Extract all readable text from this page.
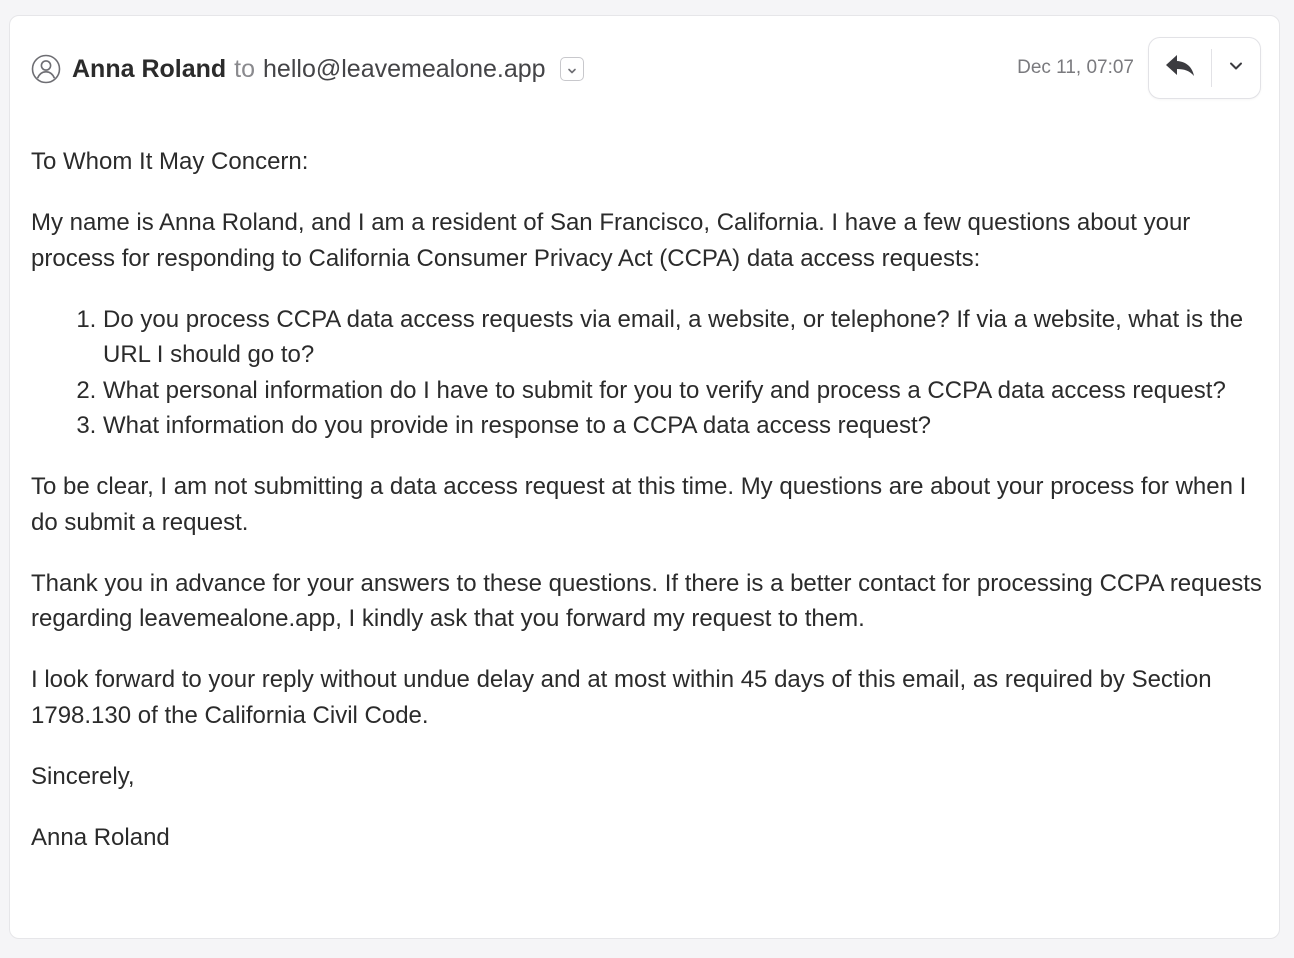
Anna Roland to hello@leavemealone.app	Dec 11, 07:07

To Whom It May Concern:

My name is Anna Roland, and I am a resident of San Francisco, California. I have a few questions about your process for responding to California Consumer Privacy Act (CCPA) data access requests:

1. Do you process CCPA data access requests via email, a website, or telephone? If via a website, what is the URL I should go to?
2. What personal information do I have to submit for you to verify and process a CCPA data access request?
3. What information do you provide in response to a CCPA data access request?

To be clear, I am not submitting a data access request at this time. My questions are about your process for when I do submit a request.

Thank you in advance for your answers to these questions. If there is a better contact for processing CCPA requests regarding leavemealone.app, I kindly ask that you forward my request to them.

I look forward to your reply without undue delay and at most within 45 days of this email, as required by Section 1798.130 of the California Civil Code.

Sincerely,

Anna Roland
